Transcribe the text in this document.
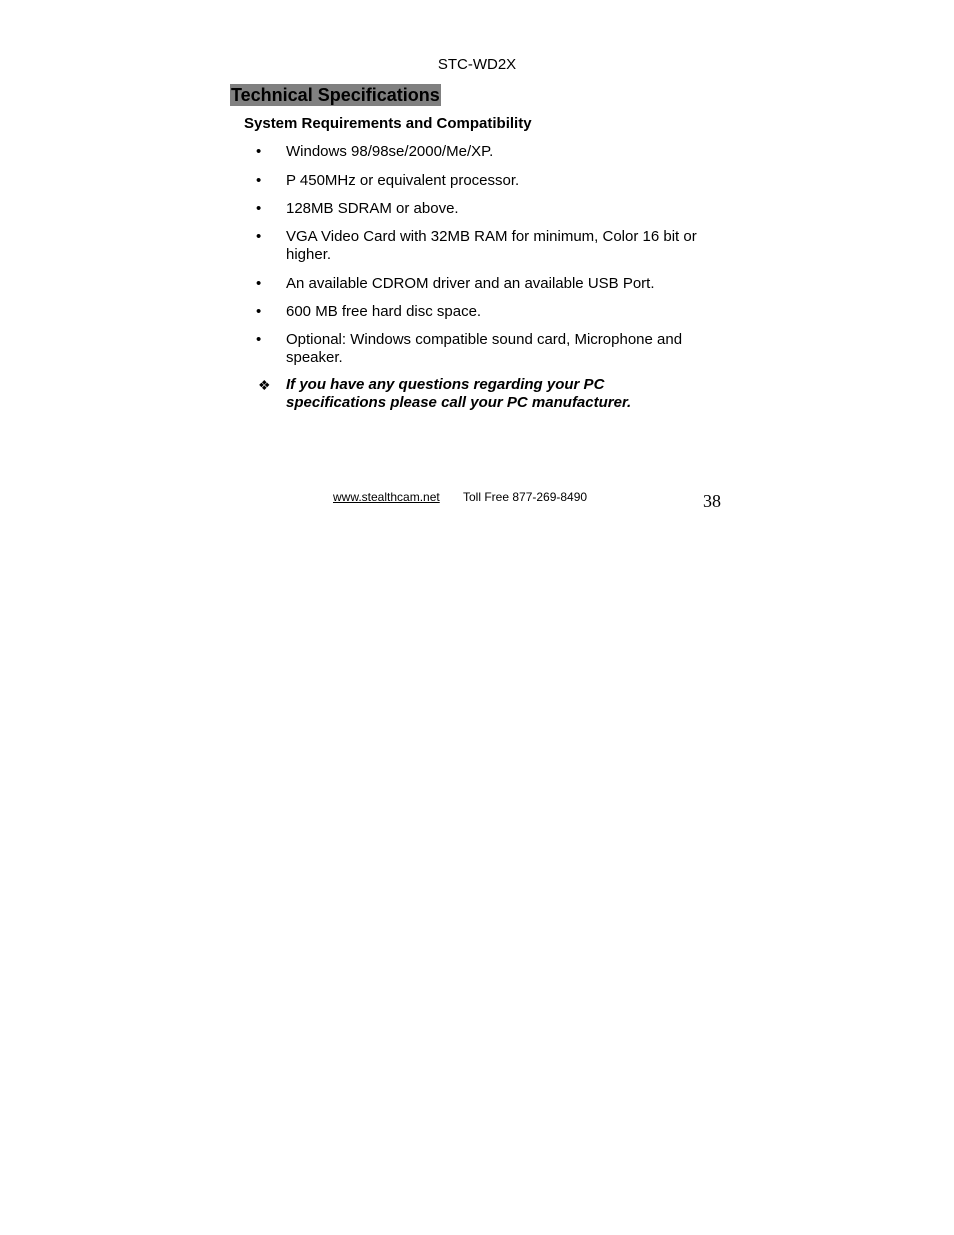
STC-WD2X
Technical Specifications
System Requirements and Compatibility
•	Windows 98/98se/2000/Me/XP.
•	P 450MHz or equivalent processor.
•	128MB SDRAM or above.
•	VGA Video Card with 32MB RAM for minimum, Color 16 bit or higher.
•	An available CDROM driver and an available USB Port.
•	600 MB free hard disc space.
•	Optional: Windows compatible sound card, Microphone and speaker.
❖ If you have any questions regarding your PC specifications please call your PC manufacturer.
www.stealthcam.net Toll Free 877-269-8490	38
